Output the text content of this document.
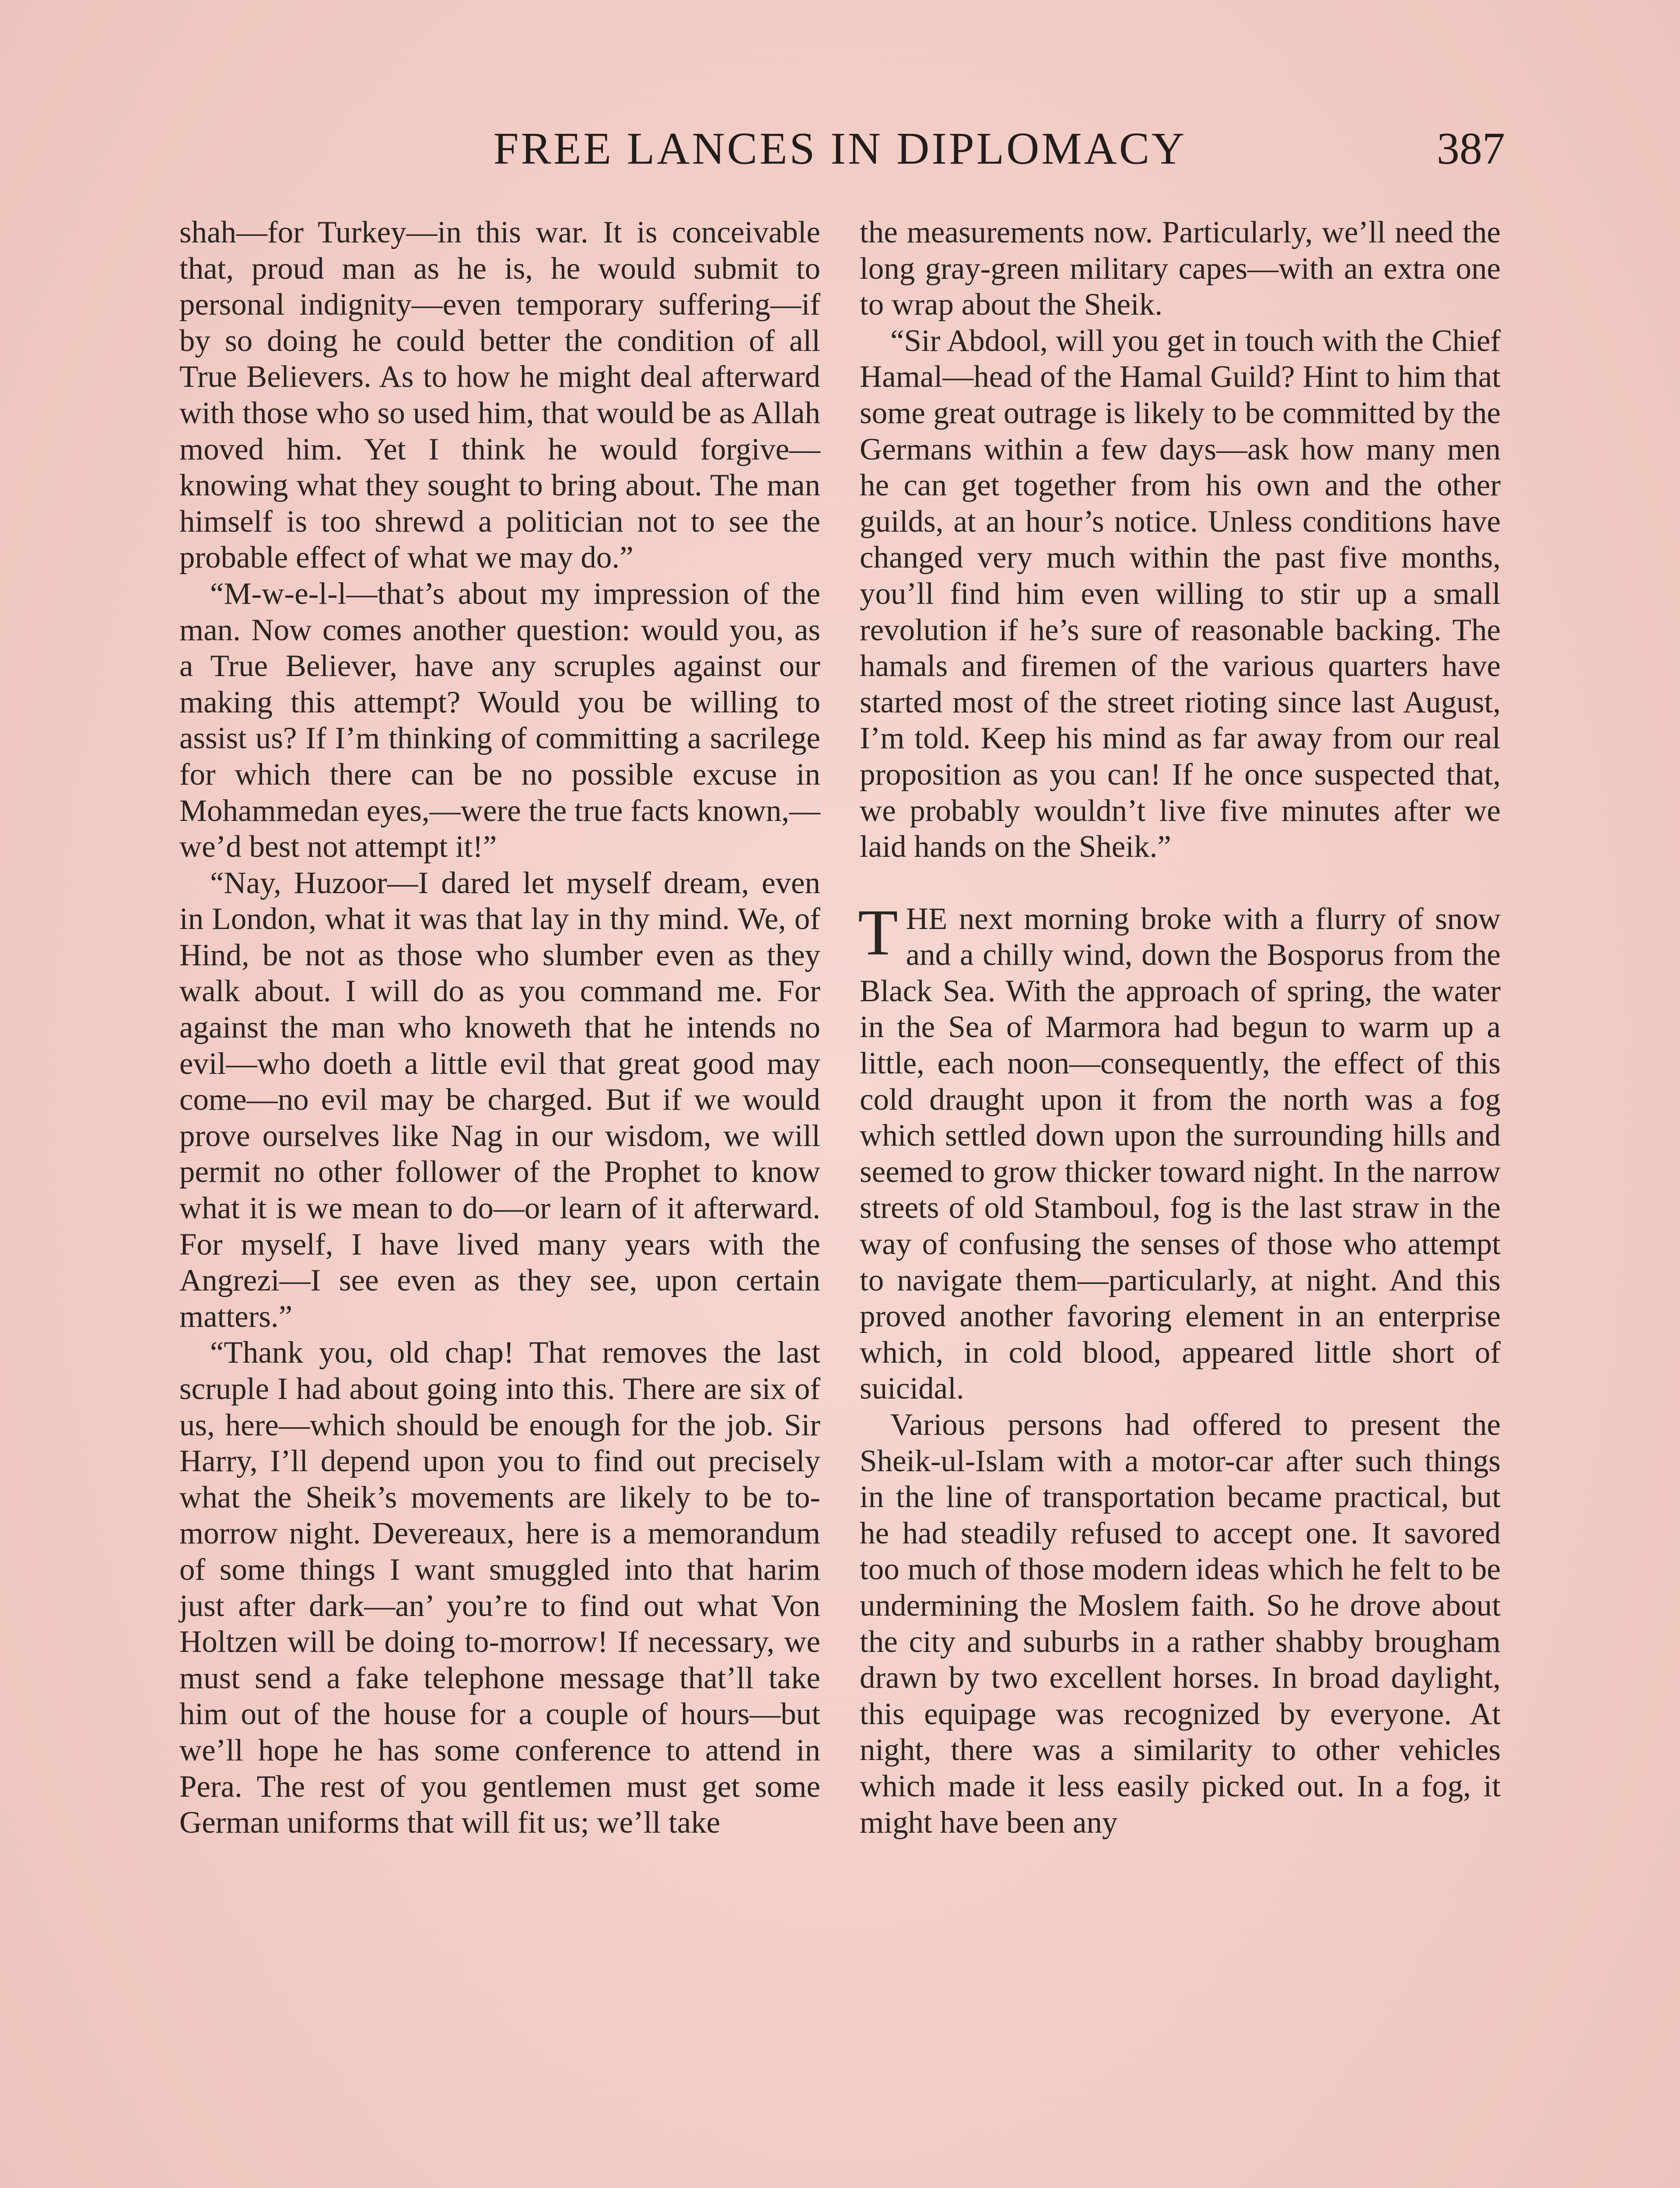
FREE LANCES IN DIPLOMACY	387

shah—for Turkey—in this war. It is conceivable that, proud man as he is, he would submit to personal indignity—even temporary suffering—if by so doing he could better the condition of all True Believers. As to how he might deal afterward with those who so used him, that would be as Allah moved him. Yet I think he would forgive—knowing what they sought to bring about. The man himself is too shrewd a politician not to see the probable effect of what we may do.”

“M-w-e-l-l—that’s about my impression of the man. Now comes another question: would you, as a True Believer, have any scruples against our making this attempt? Would you be willing to assist us? If I’m thinking of committing a sacrilege for which there can be no possible excuse in Mohammedan eyes,—were the true facts known,—we’d best not attempt it!”

“Nay, Huzoor—I dared let myself dream, even in London, what it was that lay in thy mind. We, of Hind, be not as those who slumber even as they walk about. I will do as you command me. For against the man who knoweth that he intends no evil—who doeth a little evil that great good may come—no evil may be charged. But if we would prove ourselves like Nag in our wisdom, we will permit no other follower of the Prophet to know what it is we mean to do—or learn of it afterward. For myself, I have lived many years with the Angrezi—I see even as they see, upon certain matters.”

“Thank you, old chap! That removes the last scruple I had about going into this. There are six of us, here—which should be enough for the job. Sir Harry, I’ll depend upon you to find out precisely what the Sheik’s movements are likely to be to-morrow night. Devereaux, here is a memorandum of some things I want smuggled into that harim just after dark—an’ you’re to find out what Von Holtzen will be doing to-morrow! If necessary, we must send a fake telephone message that’ll take him out of the house for a couple of hours—but we’ll hope he has some conference to attend in Pera. The rest of you gentlemen must get some German uniforms that will fit us; we’ll take

the measurements now. Particularly, we’ll need the long gray-green military capes—with an extra one to wrap about the Sheik.

“Sir Abdool, will you get in touch with the Chief Hamal—head of the Hamal Guild? Hint to him that some great outrage is likely to be committed by the Germans within a few days—ask how many men he can get together from his own and the other guilds, at an hour’s notice. Unless conditions have changed very much within the past five months, you’ll find him even willing to stir up a small revolution if he’s sure of reasonable backing. The hamals and firemen of the various quarters have started most of the street rioting since last August, I’m told. Keep his mind as far away from our real proposition as you can! If he once suspected that, we probably wouldn’t live five minutes after we laid hands on the Sheik.”

THE next morning broke with a flurry of snow and a chilly wind, down the Bosporus from the Black Sea. With the approach of spring, the water in the Sea of Marmora had begun to warm up a little, each noon—consequently, the effect of this cold draught upon it from the north was a fog which settled down upon the surrounding hills and seemed to grow thicker toward night. In the narrow streets of old Stamboul, fog is the last straw in the way of confusing the senses of those who attempt to navigate them—particularly, at night. And this proved another favoring element in an enterprise which, in cold blood, appeared little short of suicidal.

Various persons had offered to present the Sheik-ul-Islam with a motor-car after such things in the line of transportation became practical, but he had steadily refused to accept one. It savored too much of those modern ideas which he felt to be undermining the Moslem faith. So he drove about the city and suburbs in a rather shabby brougham drawn by two excellent horses. In broad daylight, this equipage was recognized by everyone. At night, there was a similarity to other vehicles which made it less easily picked out. In a fog, it might have been any
